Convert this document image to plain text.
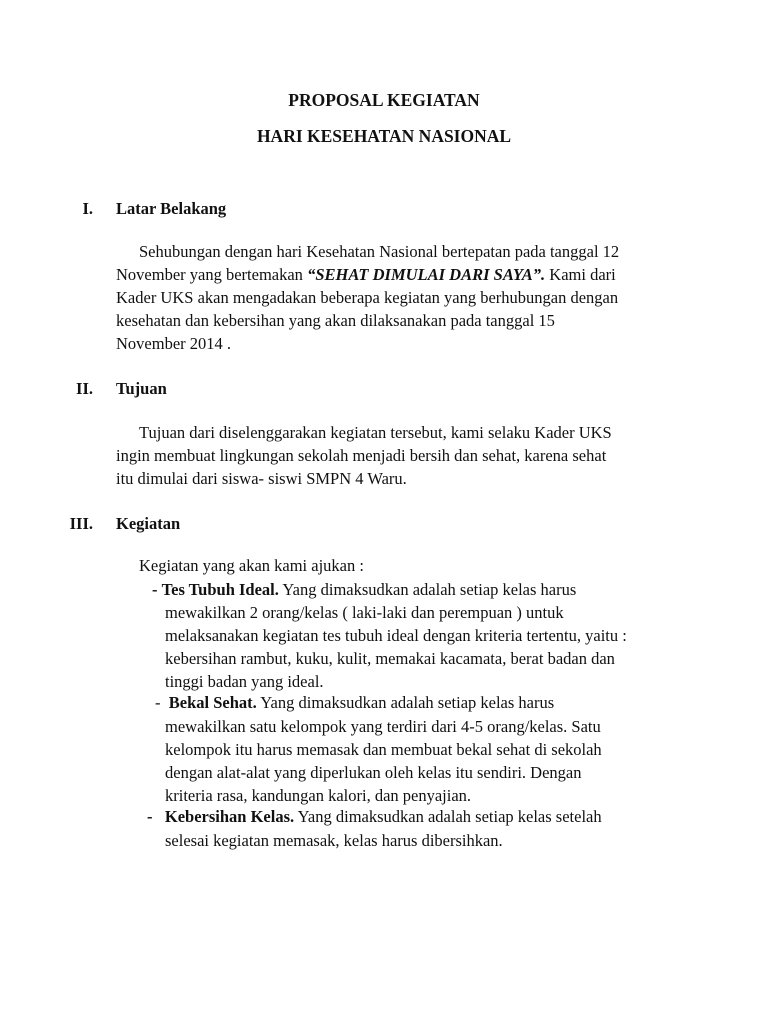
PROPOSAL KEGIATAN
HARI KESEHATAN NASIONAL
I. Latar Belakang
Sehubungan dengan hari Kesehatan Nasional bertepatan pada tanggal 12
November yang bertemakan “SEHAT DIMULAI DARI SAYA”. Kami dari
Kader UKS akan mengadakan beberapa kegiatan yang berhubungan dengan
kesehatan dan kebersihan yang akan dilaksanakan pada tanggal 15
November 2014 .
II. Tujuan
Tujuan dari diselenggarakan kegiatan tersebut, kami selaku Kader UKS
ingin membuat lingkungan sekolah menjadi bersih dan sehat, karena sehat
itu dimulai dari siswa- siswi SMPN 4 Waru.
III. Kegiatan
Kegiatan yang akan kami ajukan :
- Tes Tubuh Ideal. Yang dimaksudkan adalah setiap kelas harus
mewakilkan 2 orang/kelas ( laki-laki dan perempuan ) untuk
melaksanakan kegiatan tes tubuh ideal dengan kriteria tertentu, yaitu :
kebersihan rambut, kuku, kulit, memakai kacamata, berat badan dan
tinggi badan yang ideal.
- Bekal Sehat. Yang dimaksudkan adalah setiap kelas harus
mewakilkan satu kelompok yang terdiri dari 4-5 orang/kelas. Satu
kelompok itu harus memasak dan membuat bekal sehat di sekolah
dengan alat-alat yang diperlukan oleh kelas itu sendiri. Dengan
kriteria rasa, kandungan kalori, dan penyajian.
- Kebersihan Kelas. Yang dimaksudkan adalah setiap kelas setelah
selesai kegiatan memasak, kelas harus dibersihkan.
